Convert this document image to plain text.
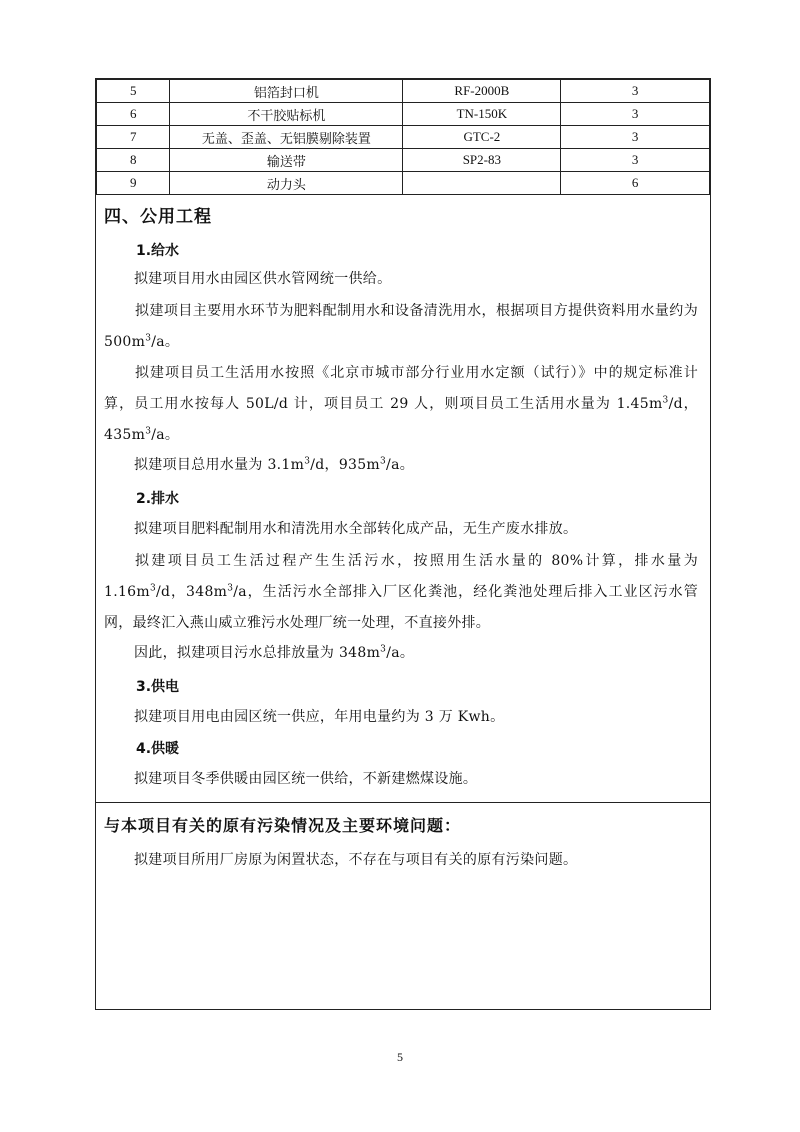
5	铝箔封口机	RF-2000B	3
6	不干胶贴标机	TN-150K	3
7	无盖、歪盖、无铝膜剔除装置	GTC-2	3
8	输送带	SP2-83	3
9	动力头		6
四、公用工程
1.给水
拟建项目用水由园区供水管网统一供给。
拟建项目主要用水环节为肥料配制用水和设备清洗用水，根据项目方提供资料用水量约为 $500m^3/a$。
拟建项目员工生活用水按照《北京市城市部分行业用水定额（试行）》中的规定标准计算，员工用水按每人 50L/d 计，项目员工 29 人，则项目员工生活用水量为 $1.45m^3/d$，$435m^3/a$。
拟建项目总用水量为 $3.1m^3/d$，$935m^3/a$。
2.排水
拟建项目肥料配制用水和清洗用水全部转化成产品，无生产废水排放。
拟建项目员工生活过程产生生活污水，按照用生活水量的 80%计算，排水量为 $1.16m^3/d$，$348m^3/a$，生活污水全部排入厂区化粪池，经化粪池处理后排入工业区污水管网，最终汇入燕山威立雅污水处理厂统一处理，不直接外排。
因此，拟建项目污水总排放量为 $348m^3/a$。
3.供电
拟建项目用电由园区统一供应，年用电量约为 3 万 Kwh。
4.供暖
拟建项目冬季供暖由园区统一供给，不新建燃煤设施。
与本项目有关的原有污染情况及主要环境问题：
拟建项目所用厂房原为闲置状态，不存在与项目有关的原有污染问题。
5
